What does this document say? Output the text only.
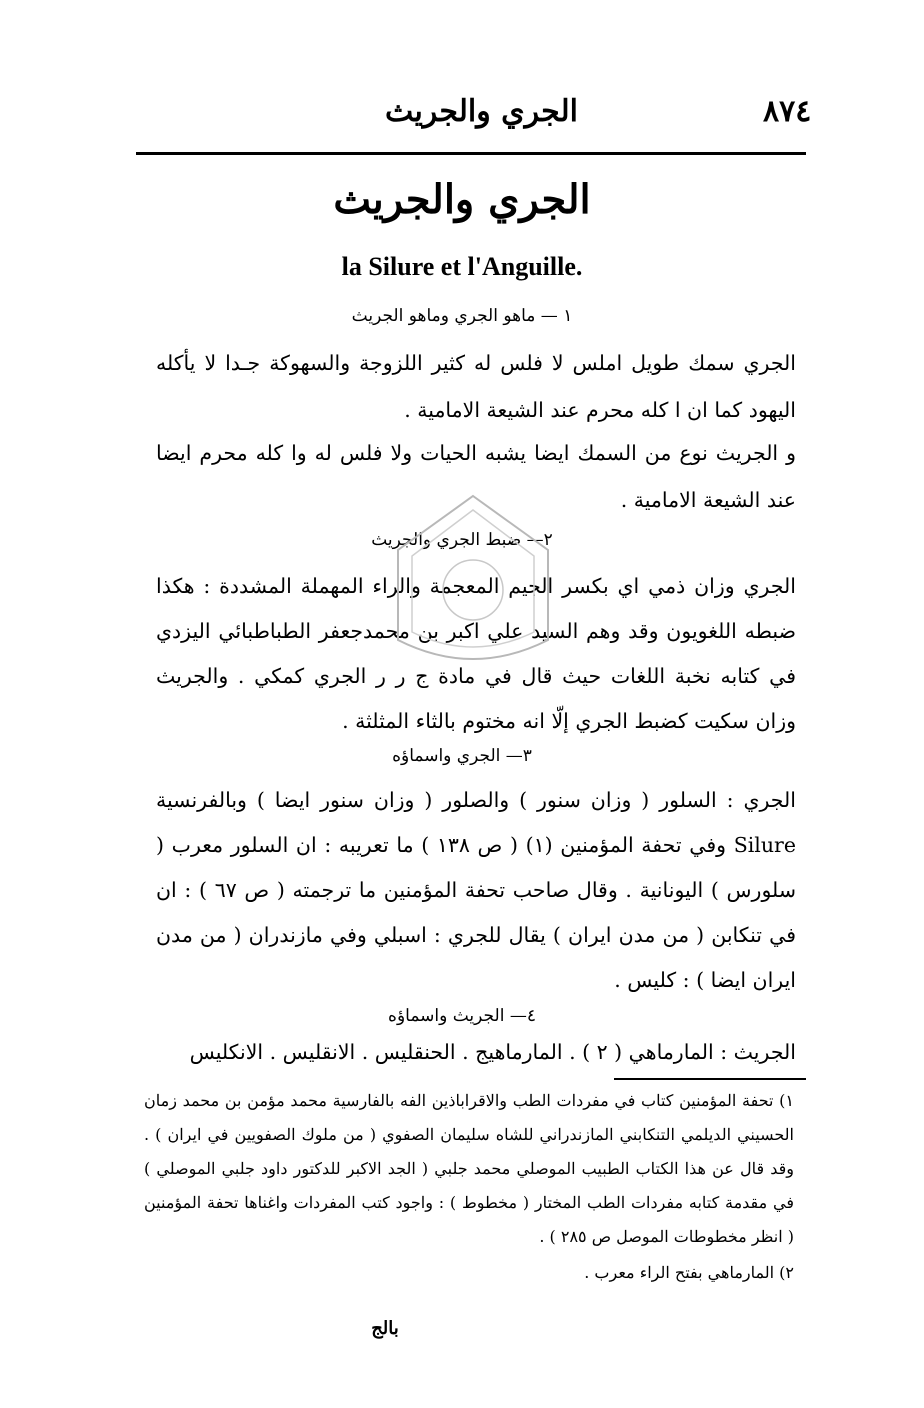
٨٧٤
الجري والجريث
الجري والجريث
la Silure et l'Anguille.
١ — ماهو الجري وماهو الجريث
الجري سمك طويل املس لا فلس له كثير اللزوجة والسهوكة جـدا لا يأكله اليهود كما ان ا كله محرم عند الشيعة الامامية .
و الجريث نوع من السمك ايضا يشبه الحيات ولا فلس له وا كله محرم ايضا عند الشيعة الامامية .
٢— ضبط الجري والجريث
الجري وزان ذمي اي بكسر الجيم المعجمة والراء المهملة المشددة : هكذا ضبطه اللغويون وقد وهم السيد علي اكبر بن محمدجعفر الطباطبائي اليزدي في كتابه نخبة اللغات حيث قال في مادة ج ر ر الجري كمكي . والجريث وزان سكيت كضبط الجري إلّا انه مختوم بالثاء المثلثة .
٣— الجري واسماؤه
الجري : السلور ( وزان سنور ) والصلور ( وزان سنور ايضا ) وبالفرنسية Silure وفي تحفة المؤمنين (١) ( ص ١٣٨ ) ما تعريبه : ان السلور معرب ( سلورس ) اليونانية . وقال صاحب تحفة المؤمنين ما ترجمته ( ص ٦٧ ) : ان في تنكابن ( من مدن ايران ) يقال للجري : اسبلي وفي مازندران ( من مدن ايران ايضا ) : كليس .
٤— الجريث واسماؤه
الجريث : المارماهي ( ٢ ) . المارماهيج . الحنقليس . الانقليس . الانكليس
١) تحفة المؤمنين كتاب في مفردات الطب والاقراباذين الفه بالفارسية محمد مؤمن بن محمد زمان الحسيني الديلمي التنكابني المازندراني للشاه سليمان الصفوي ( من ملوك الصفويين في ايران ) . وقد قال عن هذا الكتاب الطبيب الموصلي محمد جلبي ( الجد الاكبر للدكتور داود جلبي الموصلي ) في مقدمة كتابه مفردات الطب المختار ( مخطوط ) : واجود كتب المفردات واغناها تحفة المؤمنين ( انظر مخطوطات الموصل ص ٢٨٥ ) .
٢) المارماهي بفتح الراء معرب .
بالج
